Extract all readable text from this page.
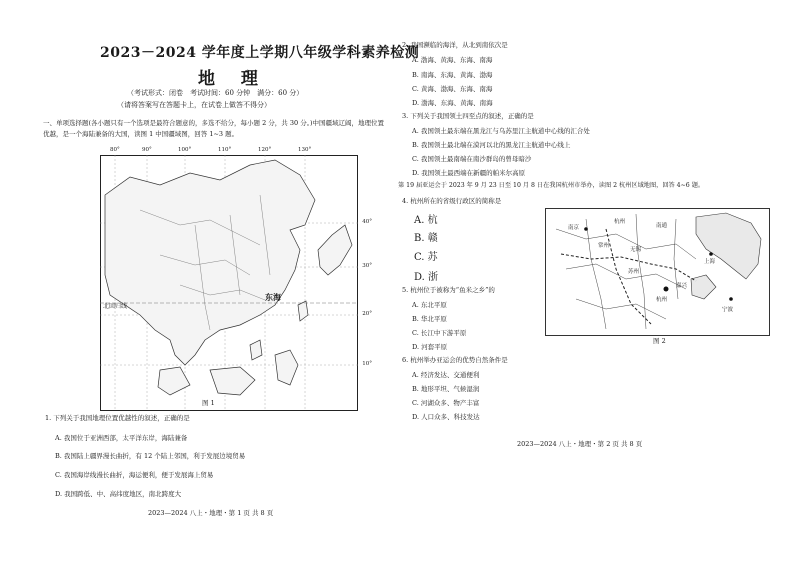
2023－2024 学年度上学期八年级学科素养检测
地 理
（考试形式：闭卷　考试时间：60 分钟　满分：60 分）
（请将答案写在答题卡上，在试卷上做答不得分）
一、单项选择题(各小题只有一个选项是最符合题意的，多选不给分，每小题 2 分，共 30 分。)中国疆域辽阔，地理位置优越，是一个海陆兼备的大国，读图 1 中国疆域图，回答 1~3 题。
80°	90°	100°	110°	120°	130°
40°
30°
20°
10°
东海
北回归线
图 1
1. 下列关于我国地理位置优越性的叙述，正确的是
A. 我国位于亚洲西部，太平洋东岸，海陆兼备
B. 我国陆上疆界漫长曲折，有 12 个陆上邻国，利于发展边境贸易
C. 我国海岸线漫长曲折，海运便利，便于发展海上贸易
D. 我国跨低、中、高纬度地区，南北跨度大
2023—2024 八上・地理・第 1 页 共 8 页
2. 我国濒临的海洋，从北到南依次是
A. 渤海、黄海、东海、南海
B. 南海、东海、黄海、渤海
C. 黄海、渤海、东海、南海
D. 渤海、东海、黄海、南海
3. 下列关于我国领土四至点的叙述，正确的是
A. 我国领土最东端在黑龙江与乌苏里江主航道中心线的汇合处
B. 我国领土最北端在漠河以北的黑龙江主航道中心线上
C. 我国领土最南端在南沙群岛的曾母暗沙
D. 我国领土最西端在新疆的帕米尔高原
第 19 届亚运会于 2023 年 9 月 23 日至 10 月 8 日在我国杭州市举办，读图 2 杭州区域地图，回答 4~6 题。
4. 杭州所在的省级行政区的简称是
A. 杭
B. 赣
C. 苏
D. 浙
南京
杭州
常州
南通
无锡
苏州
上海
嘉兴
杭州
宁波
图 2
5. 杭州位于被称为“鱼米之乡”的
A. 东北平原
B. 华北平原
C. 长江中下游平原
D. 河套平原
6. 杭州举办亚运会的优势自然条件是
A. 经济发达、交通便利
B. 地形平坦、气候湿润
C. 河湖众多、物产丰富
D. 人口众多、科技发达
2023—2024 八上・地理・第 2 页 共 8 页
